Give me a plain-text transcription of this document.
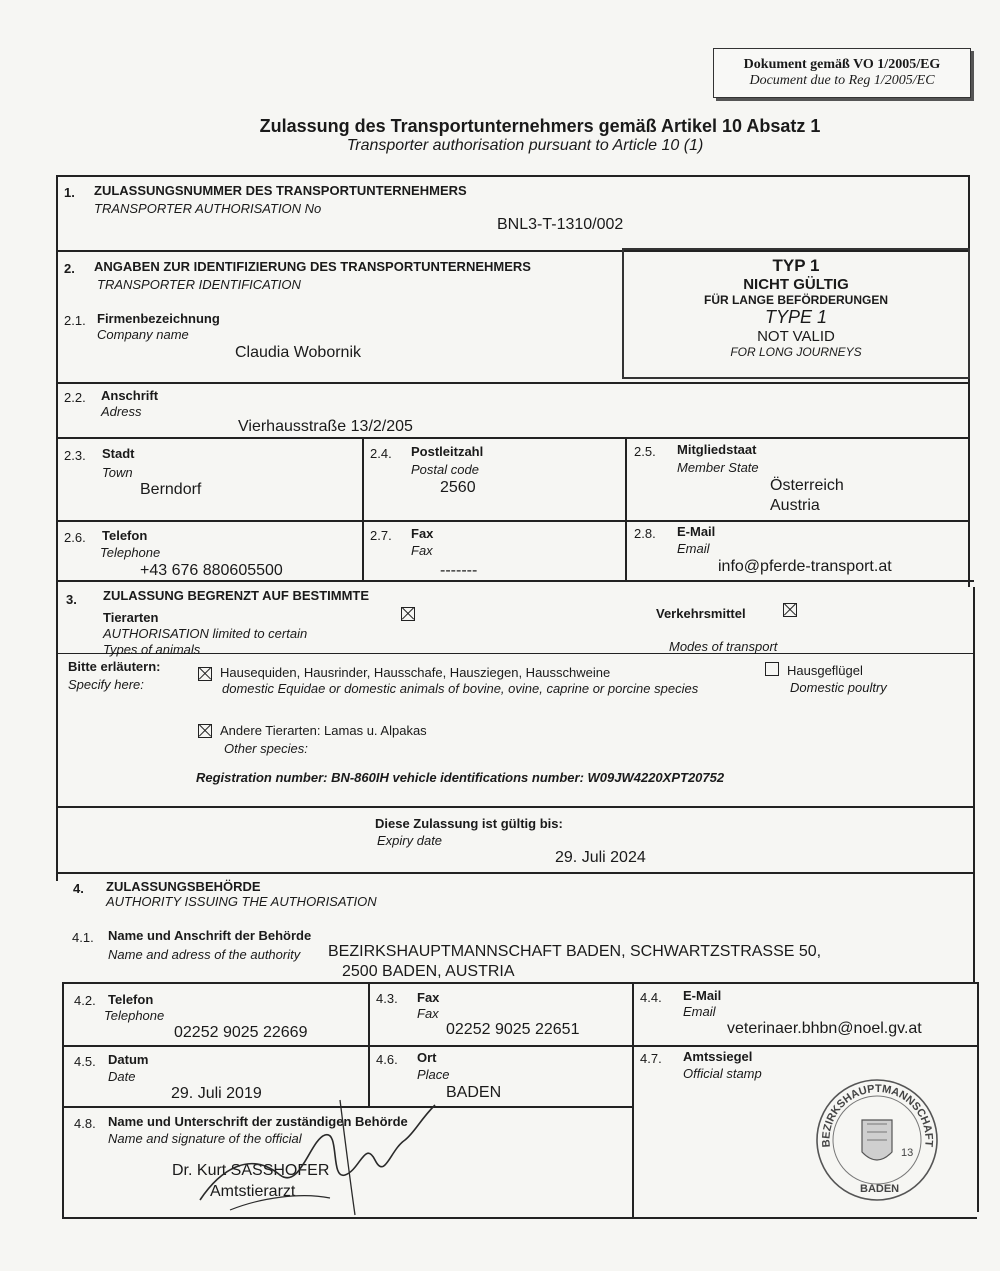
Dokument gemäß VO 1/2005/EG
Document due to Reg 1/2005/EC
Zulassung des Transportunternehmers gemäß Artikel 10 Absatz 1
Transporter authorisation pursuant to Article 10 (1)
1. ZULASSUNGSNUMMER DES TRANSPORTUNTERNEHMERS
TRANSPORTER AUTHORISATION No
BNL3-T-1310/002
2. ANGABEN ZUR IDENTIFIZIERUNG DES TRANSPORTUNTERNEHMERS
TRANSPORTER IDENTIFICATION
TYP 1
NICHT GÜLTIG
FÜR LANGE BEFÖRDERUNGEN
TYPE 1
NOT VALID
FOR LONG JOURNEYS
2.1. Firmenbezeichnung
Company name
Claudia Wobornik
2.2. Anschrift
Adress
Vierhausstraße 13/2/205
2.3. Stadt
Town
Berndorf
2.4. Postleitzahl
Postal code
2560
2.5. Mitgliedstaat
Member State
Österreich
Austria
2.6. Telefon
Telephone
+43 676 880605500
2.7. Fax
Fax
-------
2.8. E-Mail
Email
info@pferde-transport.at
3. ZULASSUNG BEGRENZT AUF BESTIMMTE
Tierarten
AUTHORISATION limited to certain
Types of animals
Verkehrsmittel
Modes of transport
Bitte erläutern:
Specify here:
Hausequiden, Hausrinder, Hausschafe, Hausziegen, Hausschweine
domestic Equidae or domestic animals of bovine, ovine, caprine or porcine species
Hausgeflügel
Domestic poultry
Andere Tierarten: Lamas u. Alpakas
Other species:
Registration number: BN-860IH vehicle identifications number: W09JW4220XPT20752
Diese Zulassung ist gültig bis:
Expiry date
29. Juli 2024
4. ZULASSUNGSBEHÖRDE
AUTHORITY ISSUING THE AUTHORISATION
4.1. Name und Anschrift der Behörde
Name and adress of the authority BEZIRKSHAUPTMANNSCHAFT BADEN, SCHWARTZSTRASSE 50,
2500 BADEN, AUSTRIA
4.2. Telefon
Telephone
02252 9025 22669
4.3. Fax
Fax
02252 9025 22651
4.4. E-Mail
Email
veterinaer.bhbn@noel.gv.at
4.5. Datum
Date
29. Juli 2019
4.6. Ort
Place
BADEN
4.7. Amtssiegel
Official stamp
4.8. Name und Unterschrift der zuständigen Behörde
Name and signature of the official
Dr. Kurt SASSHOFER
Amtstierarzt
BEZIRKSHAUPTMANNSCHAFT
BADEN
13
